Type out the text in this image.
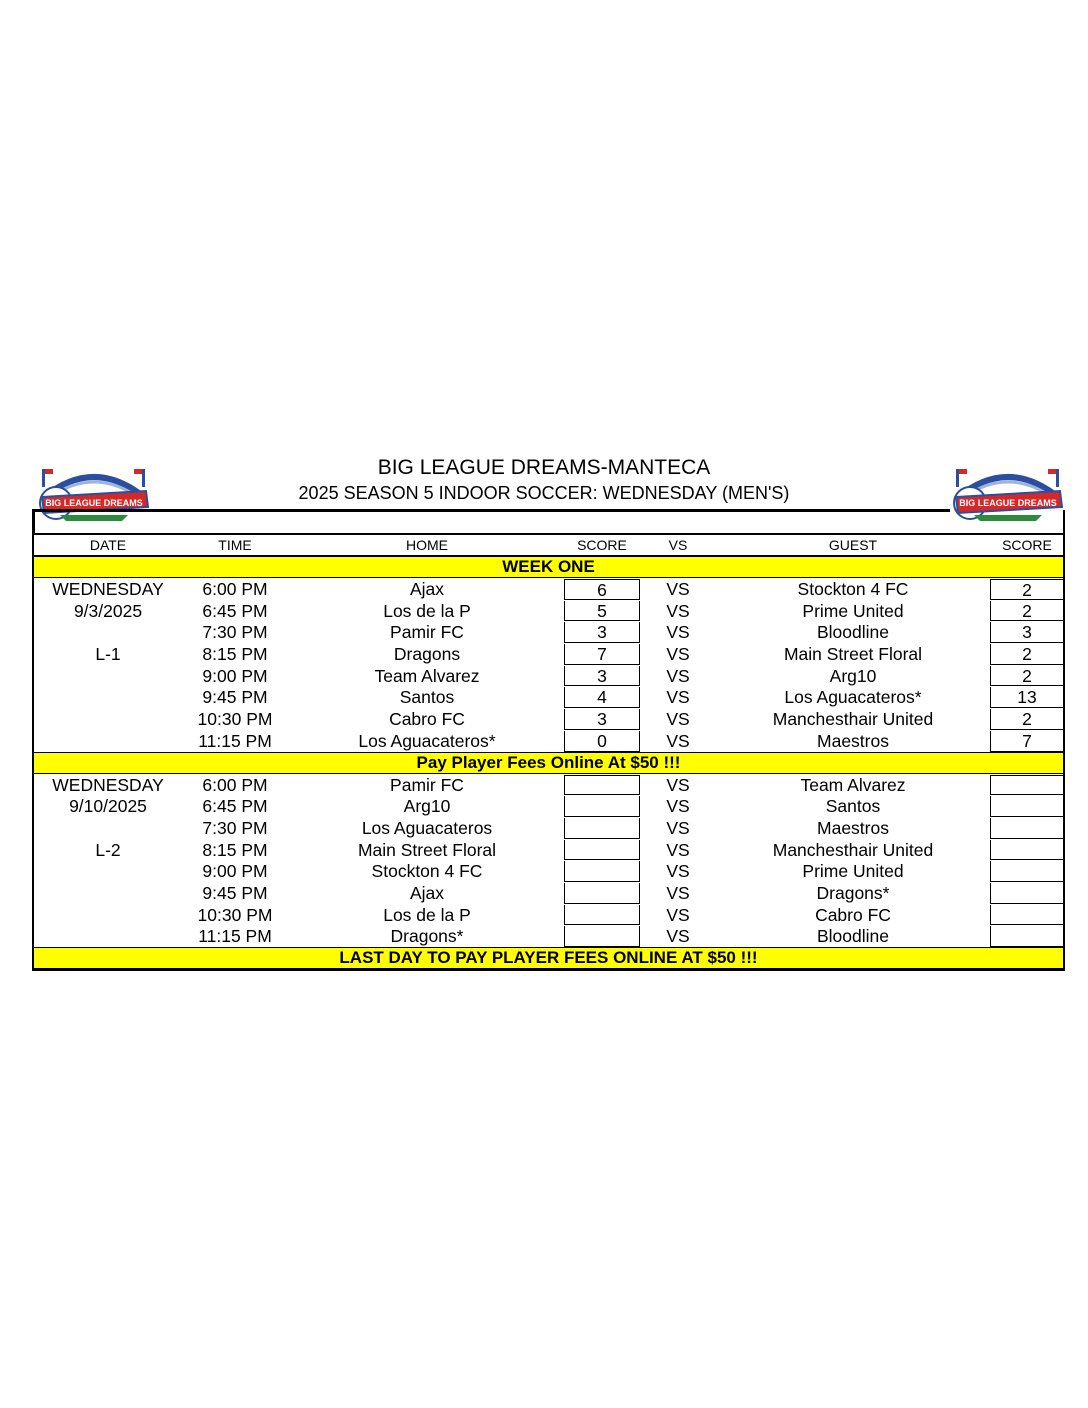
BIG LEAGUE DREAMS	BIG LEAGUE DREAMS
BIG LEAGUE DREAMS-MANTECA
2025 SEASON 5 INDOOR SOCCER: WEDNESDAY (MEN'S)
DATE	TIME	HOME	SCORE	VS	GUEST	SCORE
WEEK ONE
WEDNESDAY	6:00 PM	Ajax	6	VS	Stockton 4 FC	2
9/3/2025	6:45 PM	Los de la P	5	VS	Prime United	2
7:30 PM	Pamir FC	3	VS	Bloodline	3
L-1	8:15 PM	Dragons	7	VS	Main Street Floral	2
9:00 PM	Team Alvarez	3	VS	Arg10	2
9:45 PM	Santos	4	VS	Los Aguacateros*	13
10:30 PM	Cabro FC	3	VS	Manchesthair United	2
11:15 PM	Los Aguacateros*	0	VS	Maestros	7
Pay Player Fees Online At $50 !!!
WEDNESDAY	6:00 PM	Pamir FC	VS	Team Alvarez
9/10/2025	6:45 PM	Arg10	VS	Santos
7:30 PM	Los Aguacateros	VS	Maestros
L-2	8:15 PM	Main Street Floral	VS	Manchesthair United
9:00 PM	Stockton 4 FC	VS	Prime United
9:45 PM	Ajax	VS	Dragons*
10:30 PM	Los de la P	VS	Cabro FC
11:15 PM	Dragons*	VS	Bloodline
LAST DAY TO PAY PLAYER FEES ONLINE AT $50 !!!
